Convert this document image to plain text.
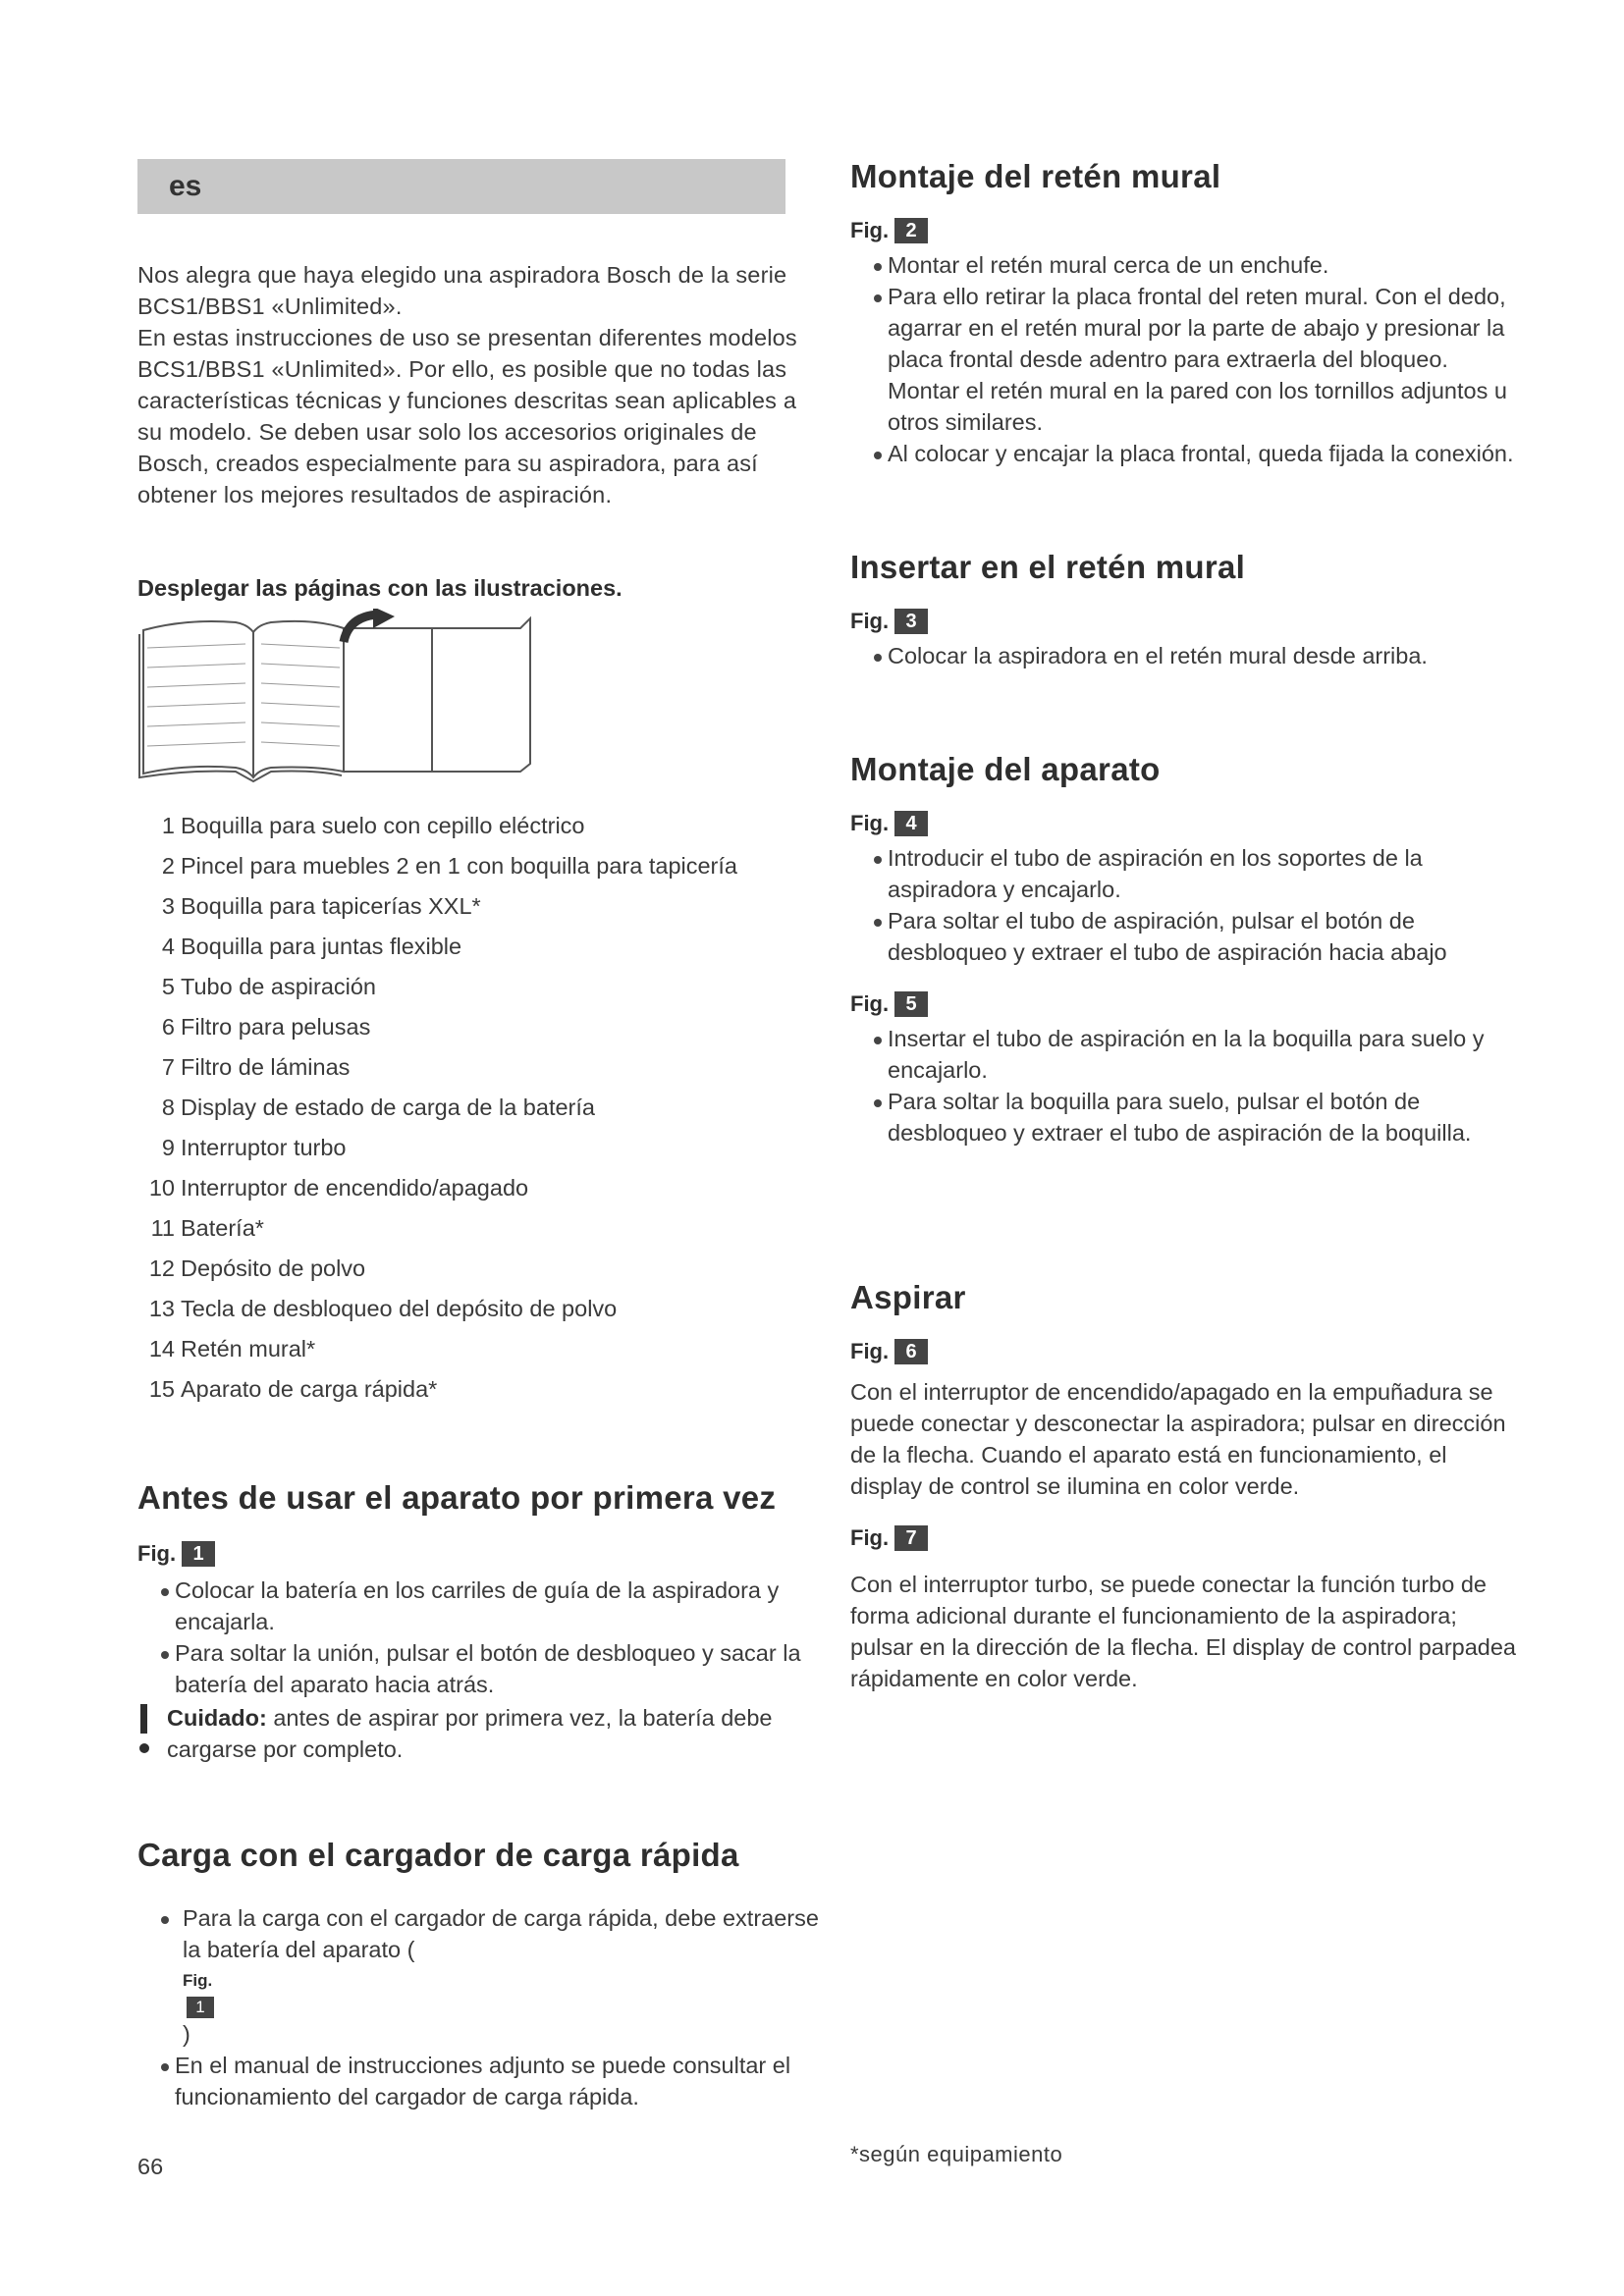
es

Nos alegra que haya elegido una aspiradora Bosch de la serie BCS1/BBS1 «Unlimited».

En estas instrucciones de uso se presentan diferentes modelos BCS1/BBS1 «Unlimited». Por ello, es posible que no todas las características técnicas y funciones descritas sean aplicables a su modelo. Se deben usar solo los accesorios originales de Bosch, creados especialmente para su aspiradora, para así obtener los mejores resultados de aspiración.

Desplegar las páginas con las ilustraciones.

1 Boquilla para suelo con cepillo eléctrico
2 Pincel para muebles 2 en 1 con boquilla para tapicería
3 Boquilla para tapicerías XXL*
4 Boquilla para juntas flexible
5 Tubo de aspiración
6 Filtro para pelusas
7 Filtro de láminas
8 Display de estado de carga de la batería
9 Interruptor turbo
10 Interruptor de encendido/apagado
11 Batería*
12 Depósito de polvo
13 Tecla de desbloqueo del depósito de polvo
14 Retén mural*
15 Aparato de carga rápida*
Antes de usar el aparato por primera vez
Fig. 1
Colocar la batería en los carriles de guía de la aspiradora y encajarla.
Para soltar la unión, pulsar el botón de desbloqueo y sacar la batería del aparato hacia atrás.
Cuidado: antes de aspirar por primera vez, la batería debe cargarse por completo.
Carga con el cargador de carga rápida
Para la carga con el cargador de carga rápida, debe extraerse la batería del aparato (
Fig.
1
)
En el manual de instrucciones adjunto se puede consultar el funcionamiento del cargador de carga rápida.
Montaje del retén mural
Fig. 2
Montar el retén mural cerca de un enchufe.
Para ello retirar la placa frontal del reten mural. Con el dedo, agarrar en el retén mural por la parte de abajo y presionar la placa frontal desde adentro para extraerla del bloqueo. Montar el retén mural en la pared con los tornillos adjuntos u otros similares.
Al colocar y encajar la placa frontal, queda fijada la conexión.
Insertar en el retén mural
Fig. 3
Colocar la aspiradora en el retén mural desde arriba.
Montaje del aparato
Fig. 4
Introducir el tubo de aspiración en los soportes de la aspiradora y encajarlo.
Para soltar el tubo de aspiración, pulsar el botón de desbloqueo y extraer el tubo de aspiración hacia abajo
Fig. 5
Insertar el tubo de aspiración en la la boquilla para suelo y encajarlo.
Para soltar la boquilla para suelo, pulsar el botón de desbloqueo y extraer el tubo de aspiración de la boquilla.
Aspirar
Fig. 6

Con el interruptor de encendido/apagado en la empuñadura se puede conectar y desconectar la aspiradora; pulsar en dirección de la flecha. Cuando el aparato está en funcionamiento, el display de control se ilumina en color verde.

Fig. 7

Con el interruptor turbo, se puede conectar la función turbo de forma adicional durante el funcionamiento de la aspiradora; pulsar en la dirección de la flecha. El display de control parpadea rápidamente en color verde.

66	*según equipamiento
